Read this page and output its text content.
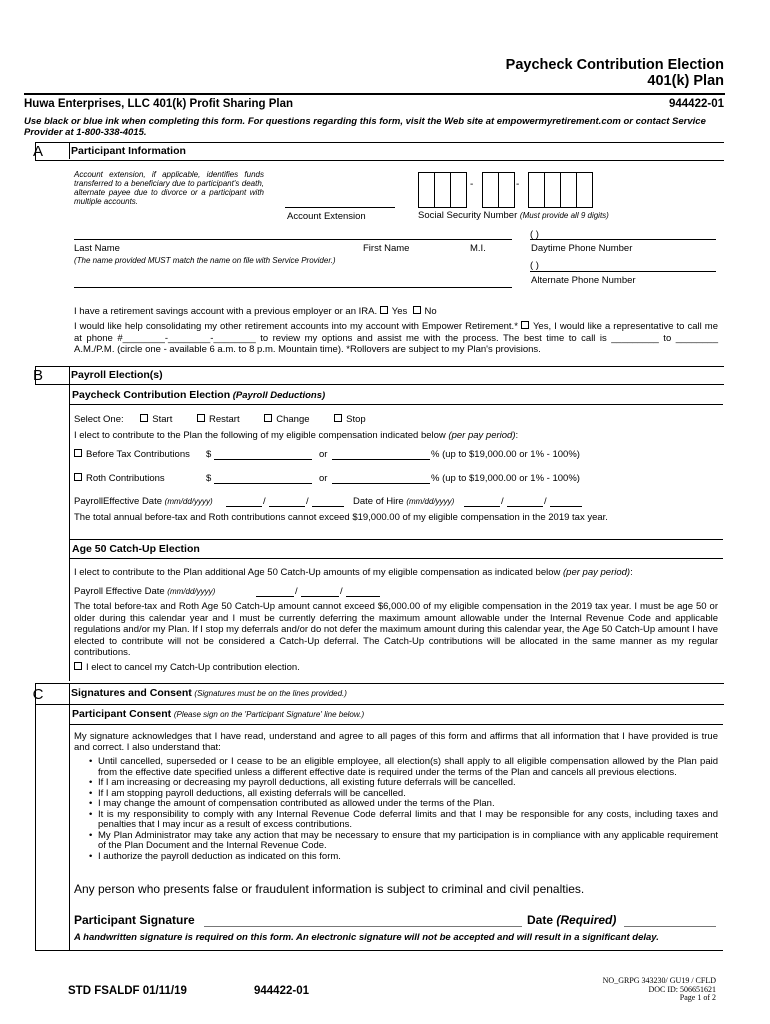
Paycheck Contribution Election
401(k) Plan
Huwa Enterprises, LLC 401(k) Profit Sharing Plan	944422-01
Use black or blue ink when completing this form. For questions regarding this form, visit the Web site at empowermyretirement.com or contact Service Provider at 1-800-338-4015.
A	Participant Information
Account extension, if applicable, identifies funds transferred to a beneficiary due to participant's death, alternate payee due to divorce or a participant with multiple accounts.
Account Extension
-	-
Social Security Number (Must provide all 9 digits)
( )
Last Name	First Name	M.I.	Daytime Phone Number
(The name provided MUST match the name on file with Service Provider.)	( )
Alternate Phone Number
I have a retirement savings account with a previous employer or an IRA. Yes No
I would like help consolidating my other retirement accounts into my account with Empower Retirement.* Yes, I would like a representative to call me at phone #________-________-________ to review my options and assist me with the process. The best time to call is _________ to ________ A.M./P.M. (circle one - available 6 a.m. to 8 p.m. Mountain time). *Rollovers are subject to my Plan's provisions.
B	Payroll Election(s)
Paycheck Contribution Election (Payroll Deductions)
Select One:	Start	Restart	Change	Stop
I elect to contribute to the Plan the following of my eligible compensation indicated below (per pay period):
Before Tax Contributions $	or	% (up to $19,000.00 or 1% - 100%)
Roth Contributions	$	or	% (up to $19,000.00 or 1% - 100%)
PayrollEffective Date (mm/dd/yyyy)	/	/	Date of Hire (mm/dd/yyyy)	/	/
The total annual before-tax and Roth contributions cannot exceed $19,000.00 of my eligible compensation in the 2019 tax year.
Age 50 Catch-Up Election
I elect to contribute to the Plan additional Age 50 Catch-Up amounts of my eligible compensation as indicated below (per pay period):
Payroll Effective Date (mm/dd/yyyy)	/	/
The total before-tax and Roth Age 50 Catch-Up amount cannot exceed $6,000.00 of my eligible compensation in the 2019 tax year. I must be age 50 or older during this calendar year and I must be currently deferring the maximum amount allowable under the Internal Revenue Code and applicable regulations and/or my Plan. If I stop my deferrals and/or do not defer the maximum amount during this calendar year, the Age 50 Catch-Up amount I have elected to contribute will not be considered a Catch-Up deferral. The Catch-Up contributions will be allocated in the same manner as my regular contributions.
I elect to cancel my Catch-Up contribution election.
C	Signatures and Consent (Signatures must be on the lines provided.)
Participant Consent (Please sign on the 'Participant Signature' line below.)
My signature acknowledges that I have read, understand and agree to all pages of this form and affirms that all information that I have provided is true and correct. I also understand that:
• Until cancelled, superseded or I cease to be an eligible employee, all election(s) shall apply to all eligible compensation allowed by the Plan paid from the effective date specified unless a different effective date is required under the terms of the Plan and cancels all previous elections.
• If I am increasing or decreasing my payroll deductions, all existing future deferrals will be cancelled.
• If I am stopping payroll deductions, all existing deferrals will be cancelled.
• I may change the amount of compensation contributed as allowed under the terms of the Plan.
• It is my responsibility to comply with any Internal Revenue Code deferral limits and that I may be responsible for any costs, including taxes and penalties that I may incur as a result of excess contributions.
• My Plan Administrator may take any action that may be necessary to ensure that my participation is in compliance with any applicable requirement of the Plan Document and the Internal Revenue Code.
• I authorize the payroll deduction as indicated on this form.
Any person who presents false or fraudulent information is subject to criminal and civil penalties.
Participant Signature	Date (Required)
A handwritten signature is required on this form. An electronic signature will not be accepted and will result in a significant delay.
STD FSALDF 01/11/19	944422-01
NO_GRPG 343230/ GU19 / CFLD
DOC ID: 506651621
Page 1 of 2
